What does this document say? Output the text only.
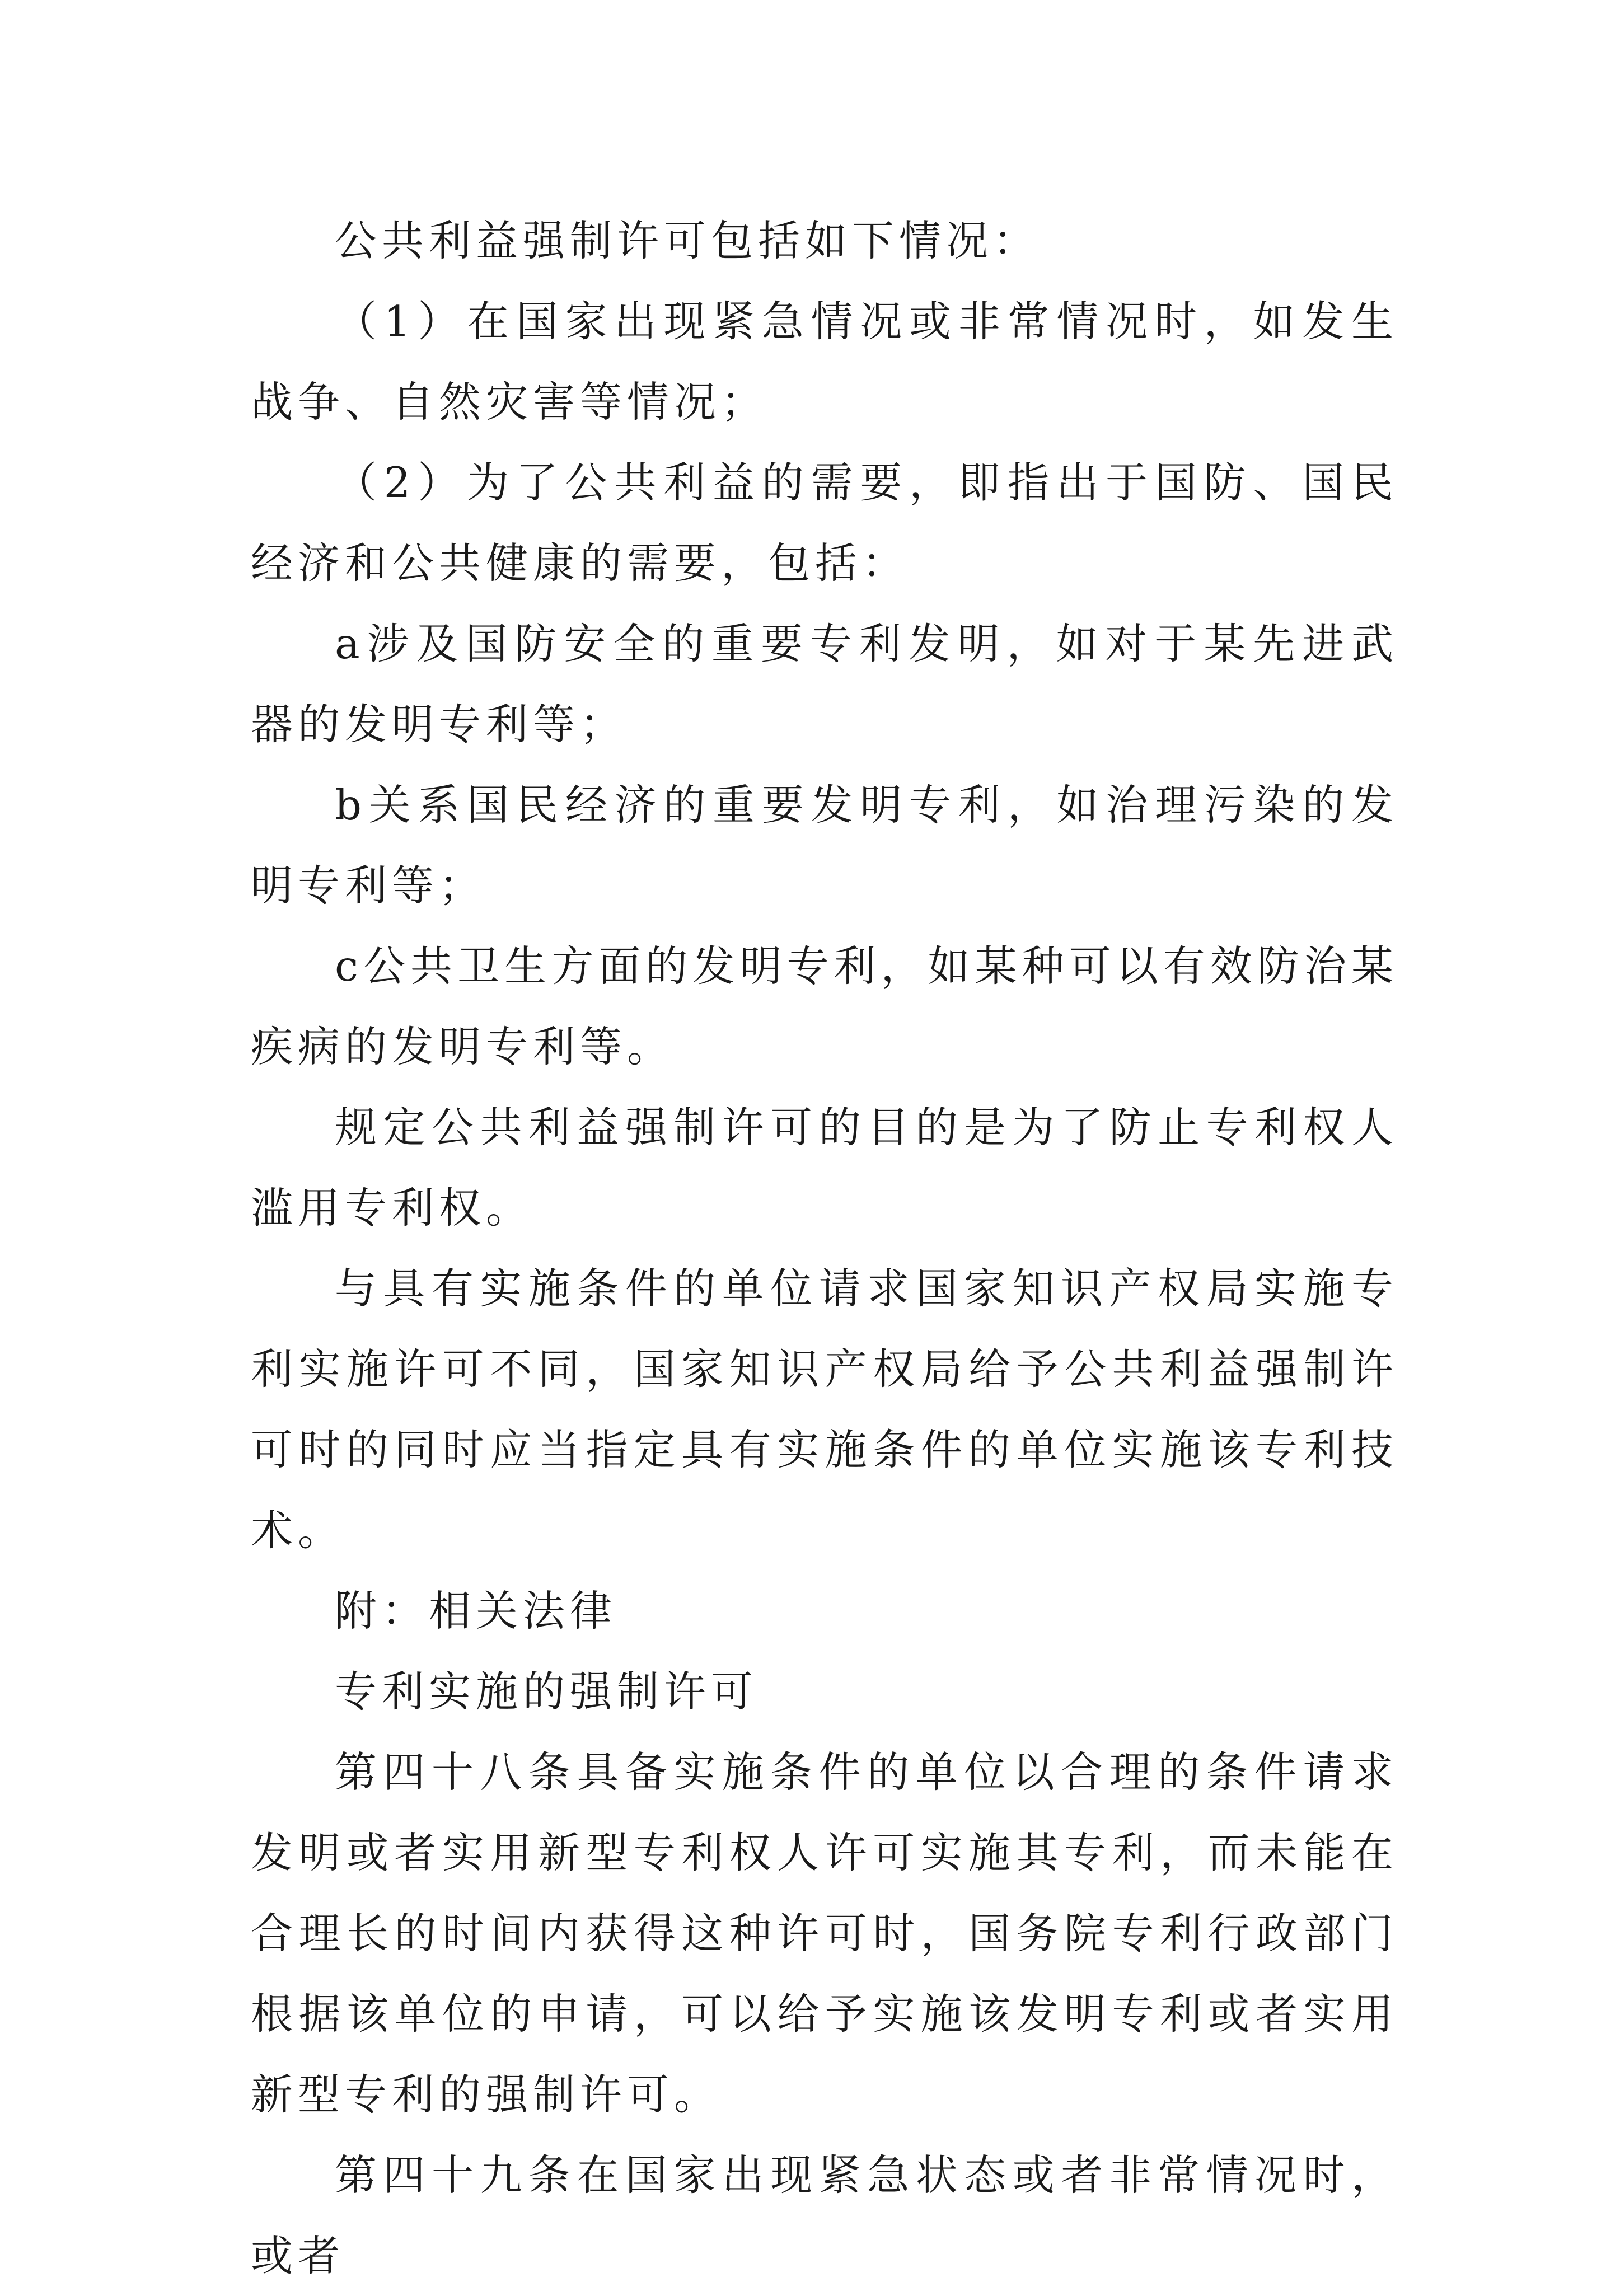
公共利益强制许可包括如下情况：

（1）在国家出现紧急情况或非常情况时，如发生战争、自然灾害等情况；

（2）为了公共利益的需要，即指出于国防、国民经济和公共健康的需要，包括：

a涉及国防安全的重要专利发明，如对于某先进武器的发明专利等；

b关系国民经济的重要发明专利，如治理污染的发明专利等；

c公共卫生方面的发明专利，如某种可以有效防治某疾病的发明专利等。

规定公共利益强制许可的目的是为了防止专利权人滥用专利权。

与具有实施条件的单位请求国家知识产权局实施专利实施许可不同，国家知识产权局给予公共利益强制许可时的同时应当指定具有实施条件的单位实施该专利技术。

附：相关法律

专利实施的强制许可

第四十八条具备实施条件的单位以合理的条件请求发明或者实用新型专利权人许可实施其专利，而未能在合理长的时间内获得这种许可时，国务院专利行政部门根据该单位的申请，可以给予实施该发明专利或者实用新型专利的强制许可。

第四十九条在国家出现紧急状态或者非常情况时，或者
